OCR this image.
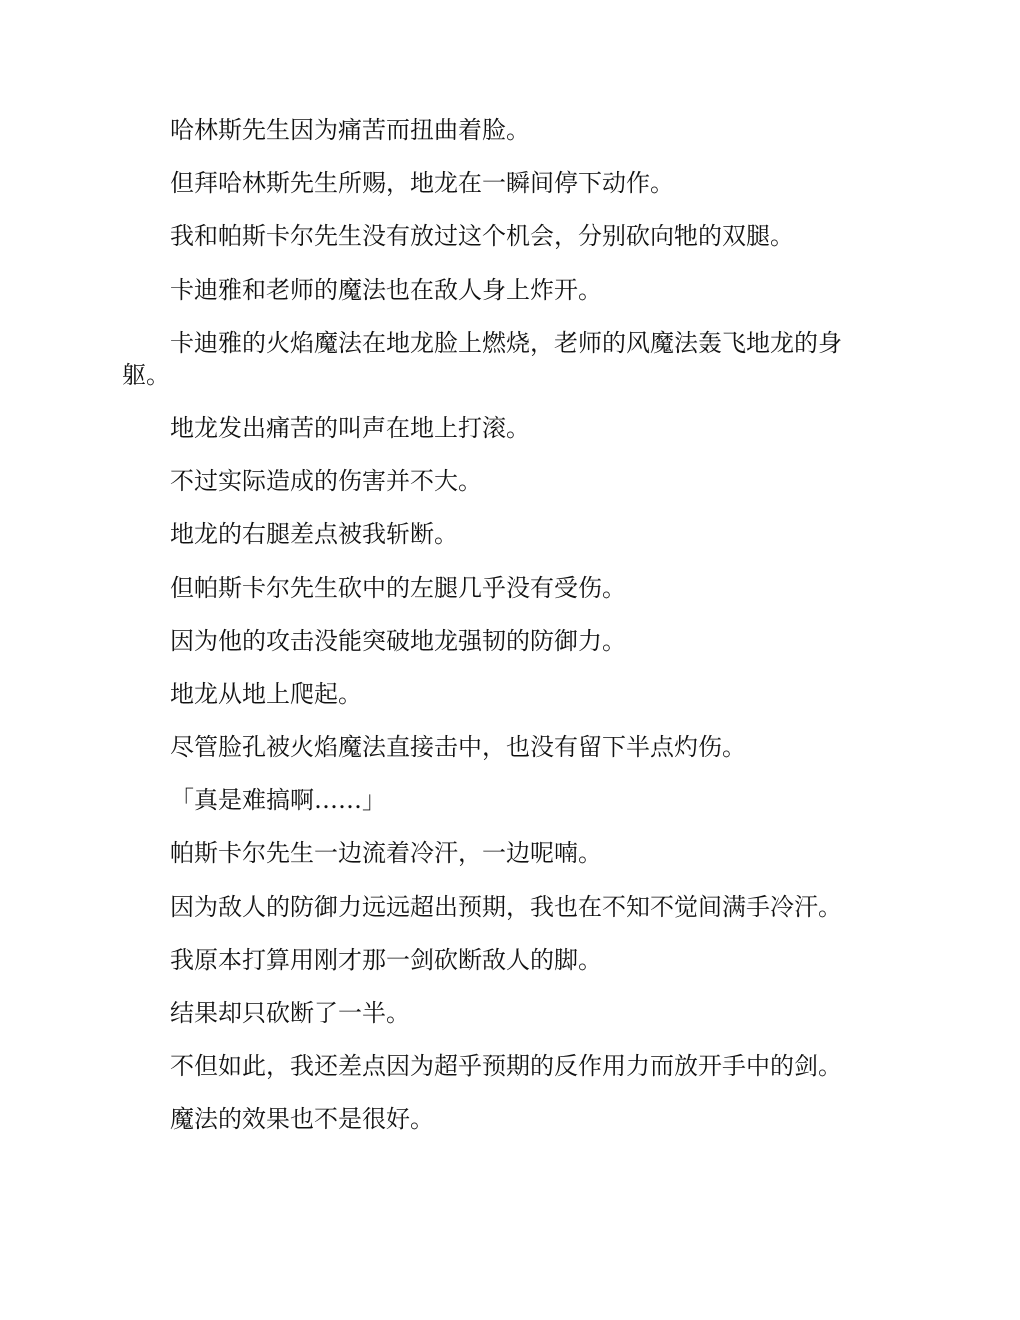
哈林斯先生因为痛苦而扭曲着脸。

但拜哈林斯先生所赐，地龙在一瞬间停下动作。

我和帕斯卡尔先生没有放过这个机会，分别砍向牠的双腿。

卡迪雅和老师的魔法也在敌人身上炸开。

卡迪雅的火焰魔法在地龙脸上燃烧，老师的风魔法轰飞地龙的身躯。

地龙发出痛苦的叫声在地上打滚。

不过实际造成的伤害并不大。

地龙的右腿差点被我斩断。

但帕斯卡尔先生砍中的左腿几乎没有受伤。

因为他的攻击没能突破地龙强韧的防御力。

地龙从地上爬起。

尽管脸孔被火焰魔法直接击中，也没有留下半点灼伤。

「真是难搞啊……」

帕斯卡尔先生一边流着冷汗，一边呢喃。

因为敌人的防御力远远超出预期，我也在不知不觉间满手冷汗。

我原本打算用刚才那一剑砍断敌人的脚。

结果却只砍断了一半。

不但如此，我还差点因为超乎预期的反作用力而放开手中的剑。

魔法的效果也不是很好。
